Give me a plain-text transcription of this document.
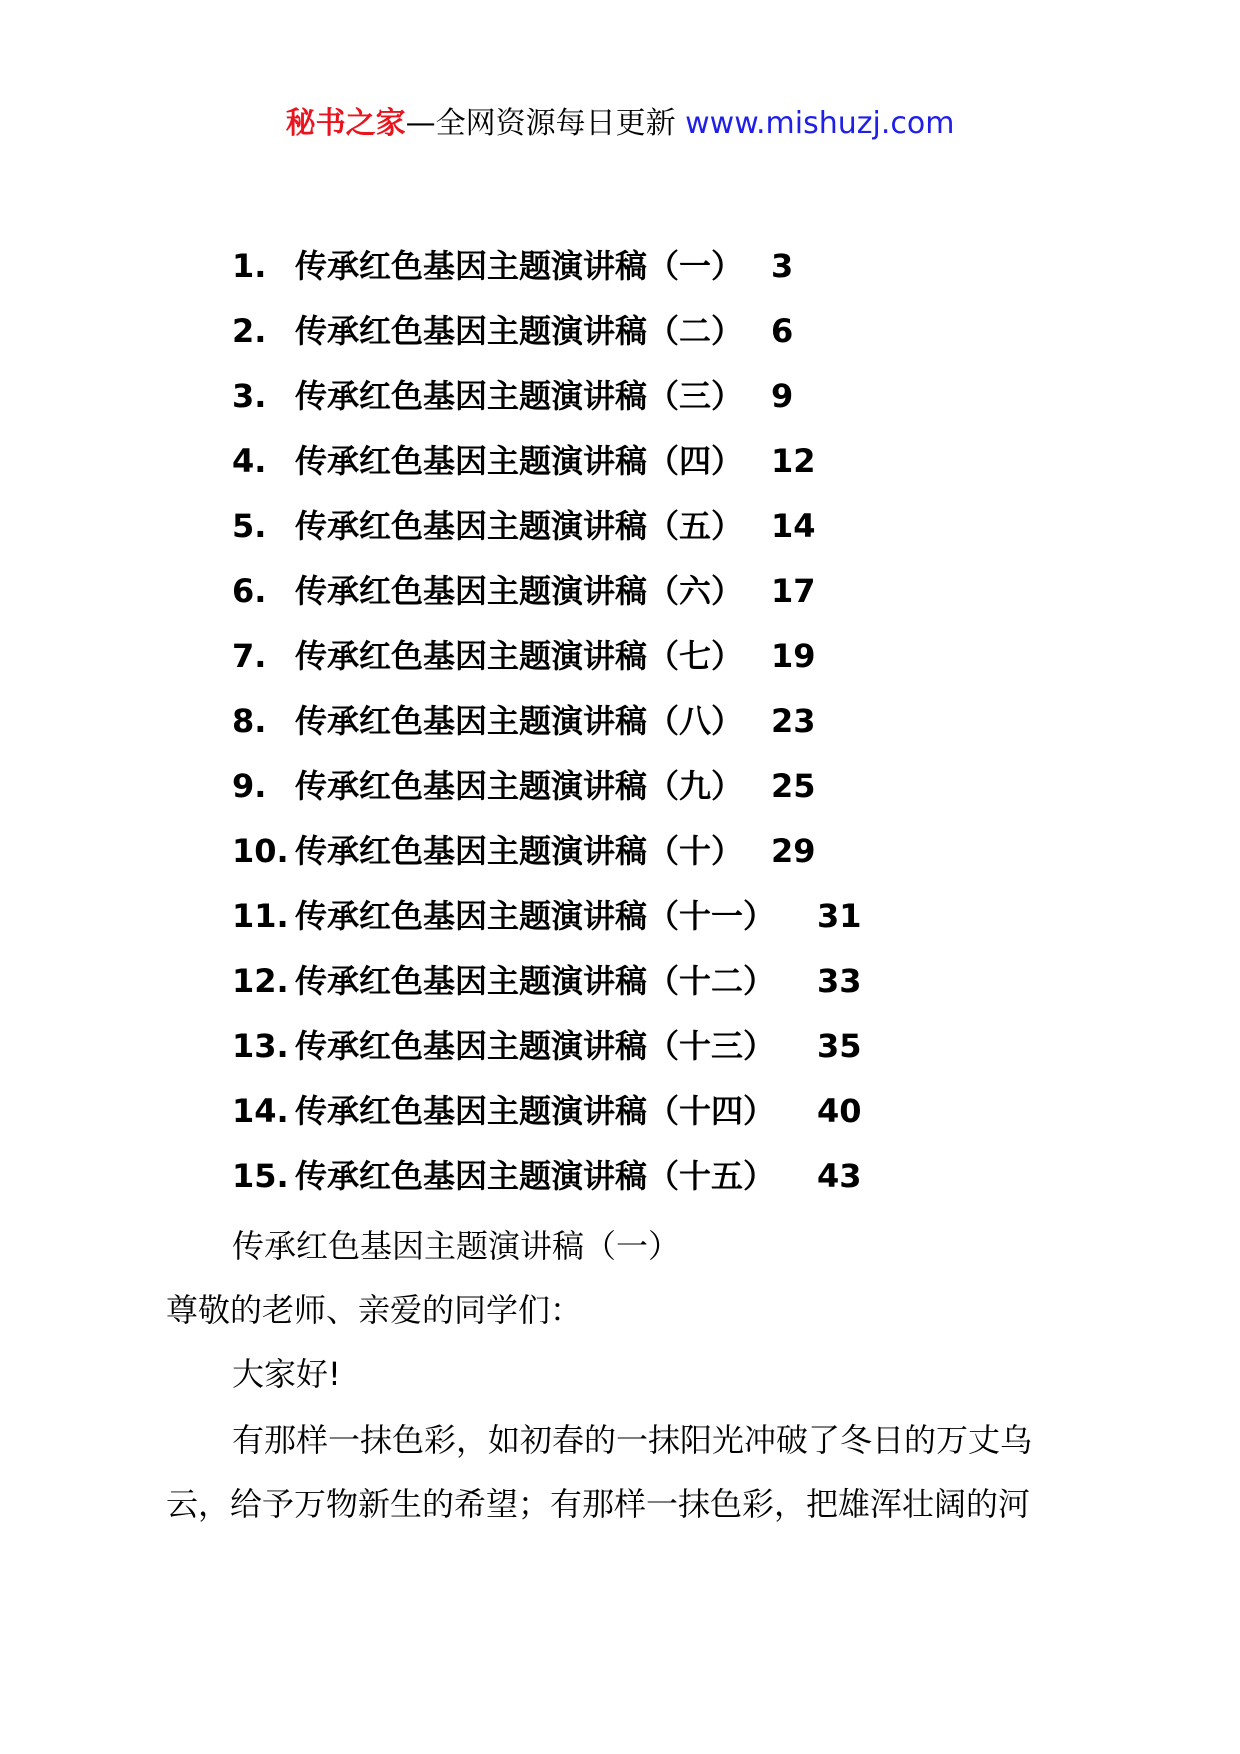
秘书之家—全网资源每日更新 www.mishuzj.com
1. 传承红色基因主题演讲稿（一） 3
2. 传承红色基因主题演讲稿（二） 6
3. 传承红色基因主题演讲稿（三） 9
4. 传承红色基因主题演讲稿（四） 12
5. 传承红色基因主题演讲稿（五） 14
6. 传承红色基因主题演讲稿（六） 17
7. 传承红色基因主题演讲稿（七） 19
8. 传承红色基因主题演讲稿（八） 23
9. 传承红色基因主题演讲稿（九） 25
10. 传承红色基因主题演讲稿（十） 29
11. 传承红色基因主题演讲稿（十一） 31
12. 传承红色基因主题演讲稿（十二） 33
13. 传承红色基因主题演讲稿（十三） 35
14. 传承红色基因主题演讲稿（十四） 40
15. 传承红色基因主题演讲稿（十五） 43
传承红色基因主题演讲稿（一）
尊敬的老师、亲爱的同学们：
大家好!
有那样一抹色彩，如初春的一抹阳光冲破了冬日的万丈乌
云，给予万物新生的希望；有那样一抹色彩，把雄浑壮阔的河
